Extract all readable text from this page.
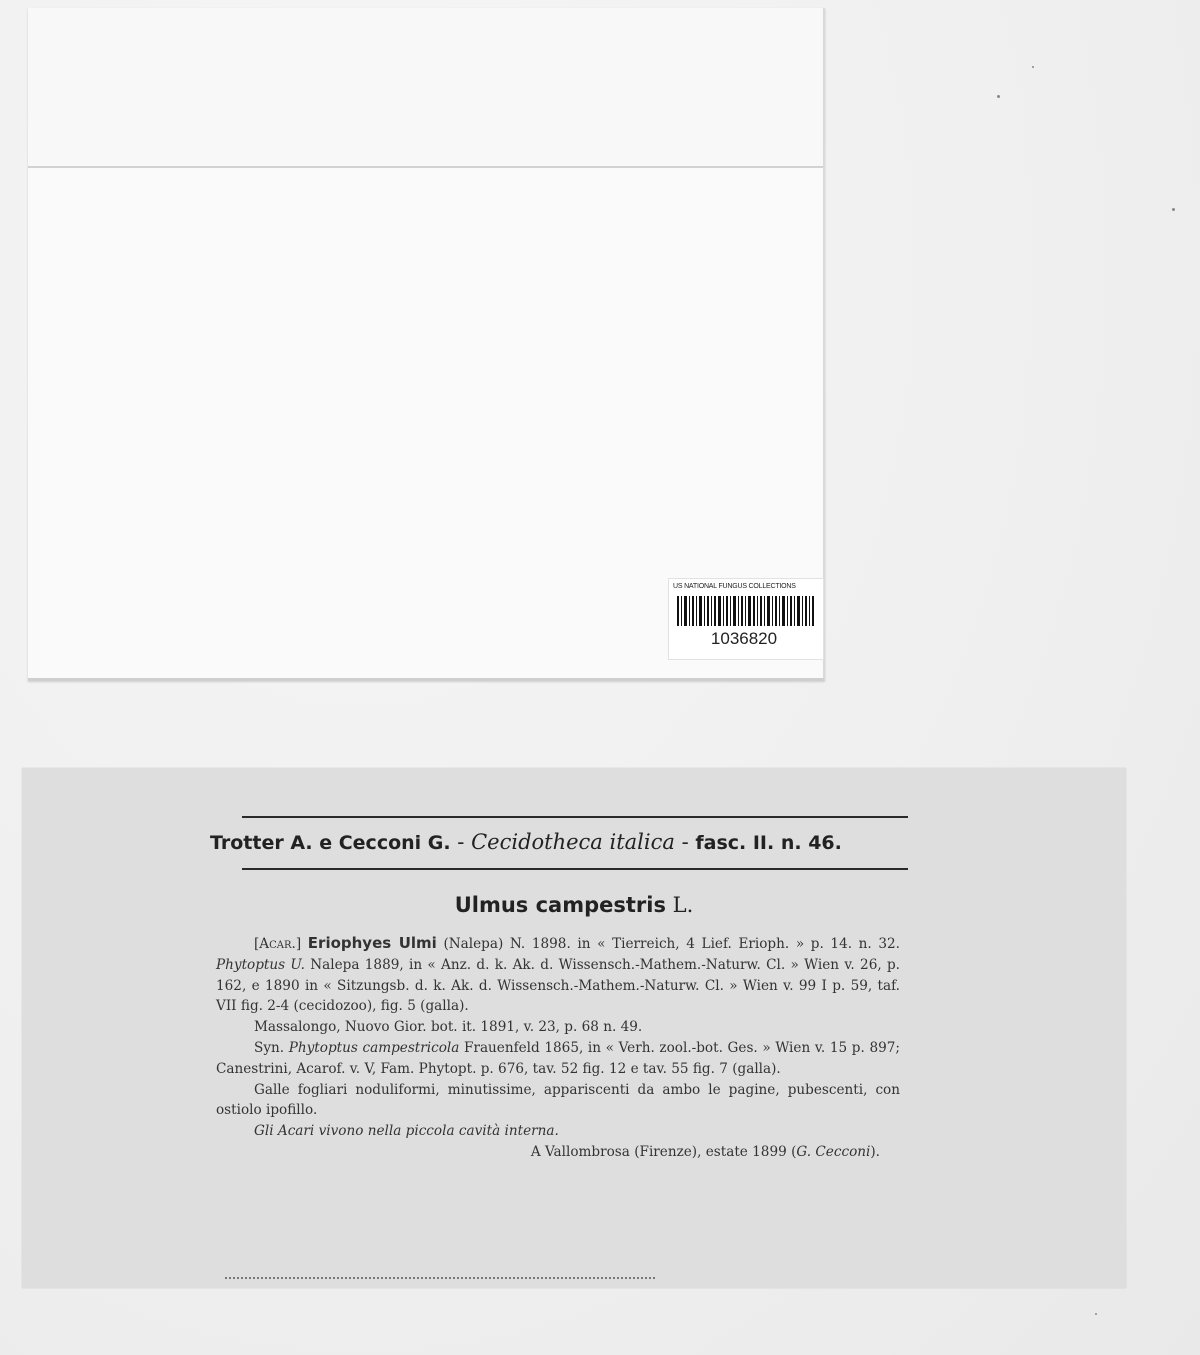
US NATIONAL FUNGUS COLLECTIONS
1036820
Trotter A. e Cecconi G. - Cecidotheca italica - fasc. II. n. 46.
Ulmus campestris L.

[Acar.] Eriophyes Ulmi (Nalepa) N. 1898. in « Tierreich, 4 Lief. Erioph. » p. 14. n. 32. Phytoptus U. Nalepa 1889, in « Anz. d. k. Ak. d. Wissensch.-Mathem.-Naturw. Cl. » Wien v. 26, p. 162, e 1890 in « Sitzungsb. d. k. Ak. d. Wissensch.-Mathem.-Naturw. Cl. » Wien v. 99 I p. 59, taf. VII fig. 2-4 (cecidozoo), fig. 5 (galla).

Massalongo, Nuovo Gior. bot. it. 1891, v. 23, p. 68 n. 49.

Syn. Phytoptus campestricola Frauenfeld 1865, in « Verh. zool.-bot. Ges. » Wien v. 15 p. 897; Canestrini, Acarof. v. V, Fam. Phytopt. p. 676, tav. 52 fig. 12 e tav. 55 fig. 7 (galla).

Galle fogliari noduliformi, minutissime, appariscenti da ambo le pagine, pubescenti, con ostiolo ipofillo.

Gli Acari vivono nella piccola cavità interna.

A Vallombrosa (Firenze), estate 1899 (G. Cecconi).
